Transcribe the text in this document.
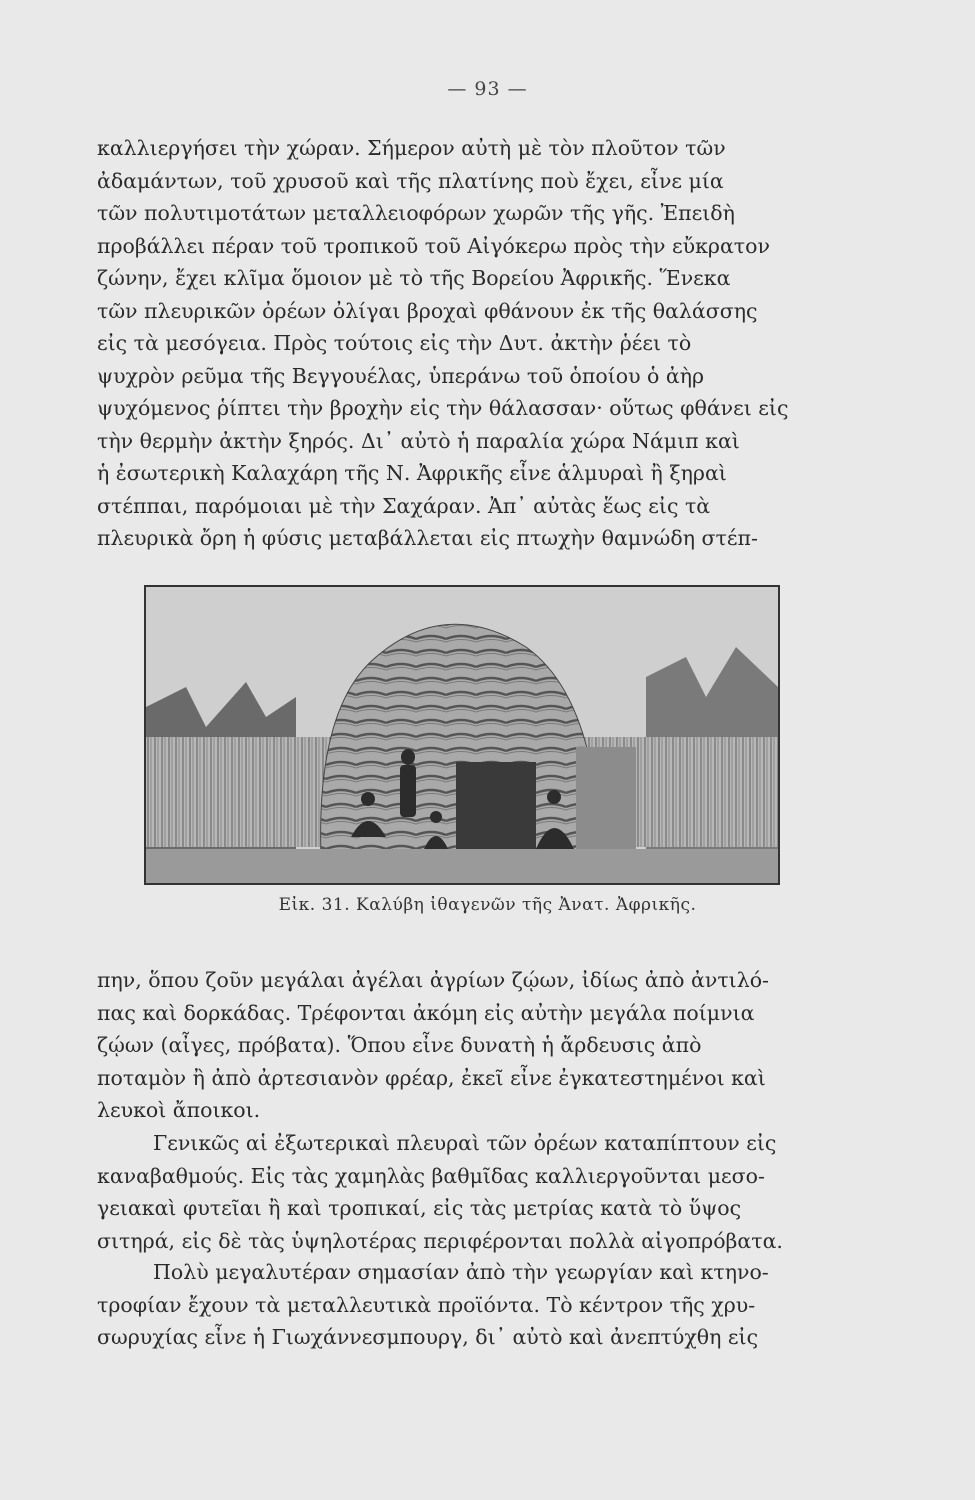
— 93 —
καλλιεργήσει τὴν χώραν. Σήμερον αὐτὴ μὲ τὸν πλοῦτον τῶν
ἀδαμάντων, τοῦ χρυσοῦ καὶ τῆς πλατίνης ποὺ ἔχει, εἶνε μία
τῶν πολυτιμοτάτων μεταλλειοφόρων χωρῶν τῆς γῆς. Ἐπειδὴ
προβάλλει πέραν τοῦ τροπικοῦ τοῦ Αἰγόκερω πρὸς τὴν εὔκρατον
ζώνην, ἔχει κλῖμα ὅμοιον μὲ τὸ τῆς Βορείου Ἀφρικῆς. Ἕνεκα
τῶν πλευρικῶν ὀρέων ὀλίγαι βροχαὶ φθάνουν ἐκ τῆς θαλάσσης
εἰς τὰ μεσόγεια. Πρὸς τούτοις εἰς τὴν Δυτ. ἀκτὴν ῥέει τὸ
ψυχρὸν ρεῦμα τῆς Βεγγουέλας, ὑπεράνω τοῦ ὁποίου ὁ ἀὴρ
ψυχόμενος ῥίπτει τὴν βροχὴν εἰς τὴν θάλασσαν· οὕτως φθάνει εἰς
τὴν θερμὴν ἀκτὴν ξηρός. Δι᾽ αὐτὸ ἡ παραλία χώρα Νάμιπ καὶ
ἡ ἐσωτερικὴ Καλαχάρη τῆς Ν. Ἀφρικῆς εἶνε ἁλμυραὶ ἢ ξηραὶ
στέππαι, παρόμοιαι μὲ τὴν Σαχάραν. Ἀπ᾽ αὐτὰς ἕως εἰς τὰ
πλευρικὰ ὄρη ἡ φύσις μεταβάλλεται εἰς πτωχὴν θαμνώδη στέπ-
Εἰκ. 31. Καλύβη ἰθαγενῶν τῆς Ἀνατ. Ἀφρικῆς.
πην, ὅπου ζοῦν μεγάλαι ἀγέλαι ἀγρίων ζῴων, ἰδίως ἀπὸ ἀντιλό-
πας καὶ δορκάδας. Τρέφονται ἀκόμη εἰς αὐτὴν μεγάλα ποίμνια
ζῴων (αἶγες, πρόβατα). Ὅπου εἶνε δυνατὴ ἡ ἄρδευσις ἀπὸ
ποταμὸν ἢ ἀπὸ ἀρτεσιανὸν φρέαρ, ἐκεῖ εἶνε ἐγκατεστημένοι καὶ
λευκοὶ ἄποικοι.
Γενικῶς αἱ ἐξωτερικαὶ πλευραὶ τῶν ὀρέων καταπίπτουν εἰς
καναβαθμούς. Εἰς τὰς χαμηλὰς βαθμῖδας καλλιεργοῦνται μεσο-
γειακαὶ φυτεῖαι ἢ καὶ τροπικαί, εἰς τὰς μετρίας κατὰ τὸ ὕψος
σιτηρά, εἰς δὲ τὰς ὑψηλοτέρας περιφέρονται πολλὰ αἰγοπρόβατα.
Πολὺ μεγαλυτέραν σημασίαν ἀπὸ τὴν γεωργίαν καὶ κτηνο-
τροφίαν ἔχουν τὰ μεταλλευτικὰ προϊόντα. Τὸ κέντρον τῆς χρυ-
σωρυχίας εἶνε ἡ Γιωχάννεσμπουργ, δι᾽ αὐτὸ καὶ ἀνεπτύχθη εἰς
